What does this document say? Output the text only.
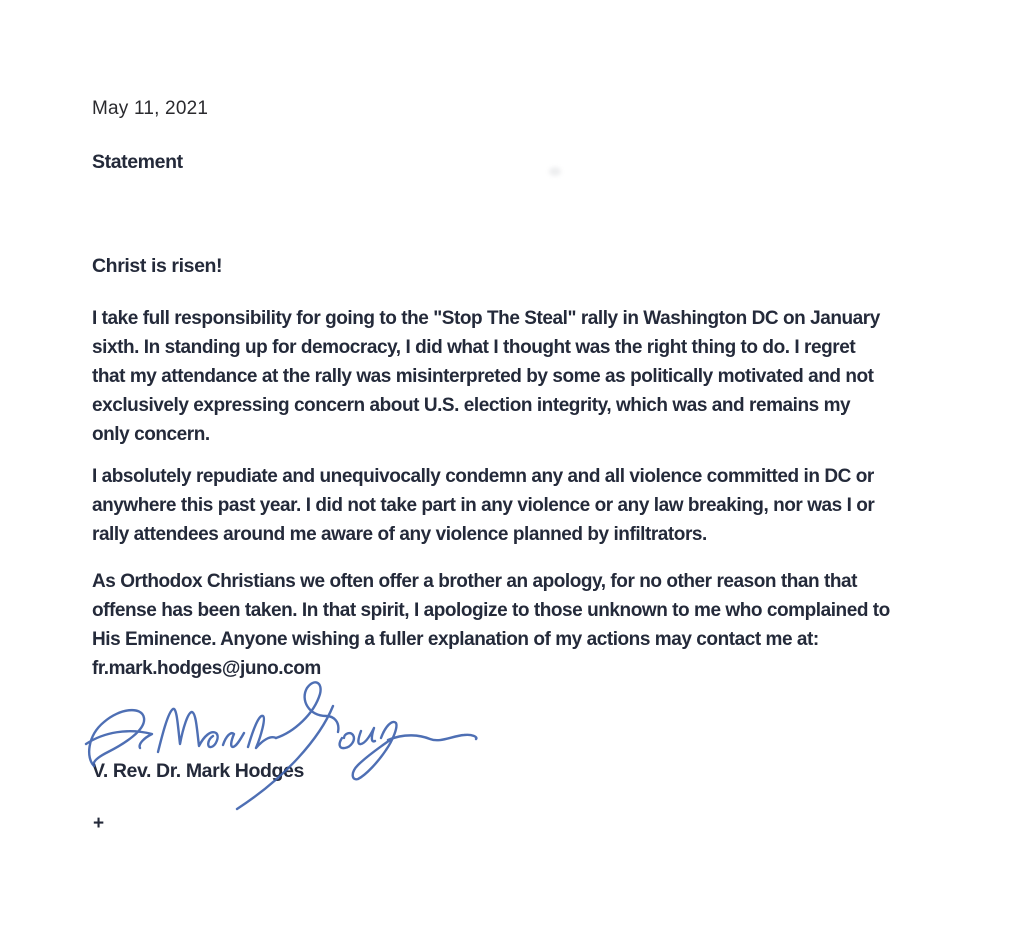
May 11, 2021
Statement
Christ is risen!
I take full responsibility for going to the "Stop The Steal" rally in Washington DC on January
sixth. In standing up for democracy, I did what I thought was the right thing to do. I regret
that my attendance at the rally was misinterpreted by some as politically motivated and not
exclusively expressing concern about U.S. election integrity, which was and remains my
only concern.
I absolutely repudiate and unequivocally condemn any and all violence committed in DC or
anywhere this past year. I did not take part in any violence or any law breaking, nor was I or
rally attendees around me aware of any violence planned by infiltrators.
As Orthodox Christians we often offer a brother an apology, for no other reason than that
offense has been taken. In that spirit, I apologize to those unknown to me who complained to
His Eminence. Anyone wishing a fuller explanation of my actions may contact me at:
fr.mark.hodges@juno.com
V. Rev. Dr. Mark Hodges
+
